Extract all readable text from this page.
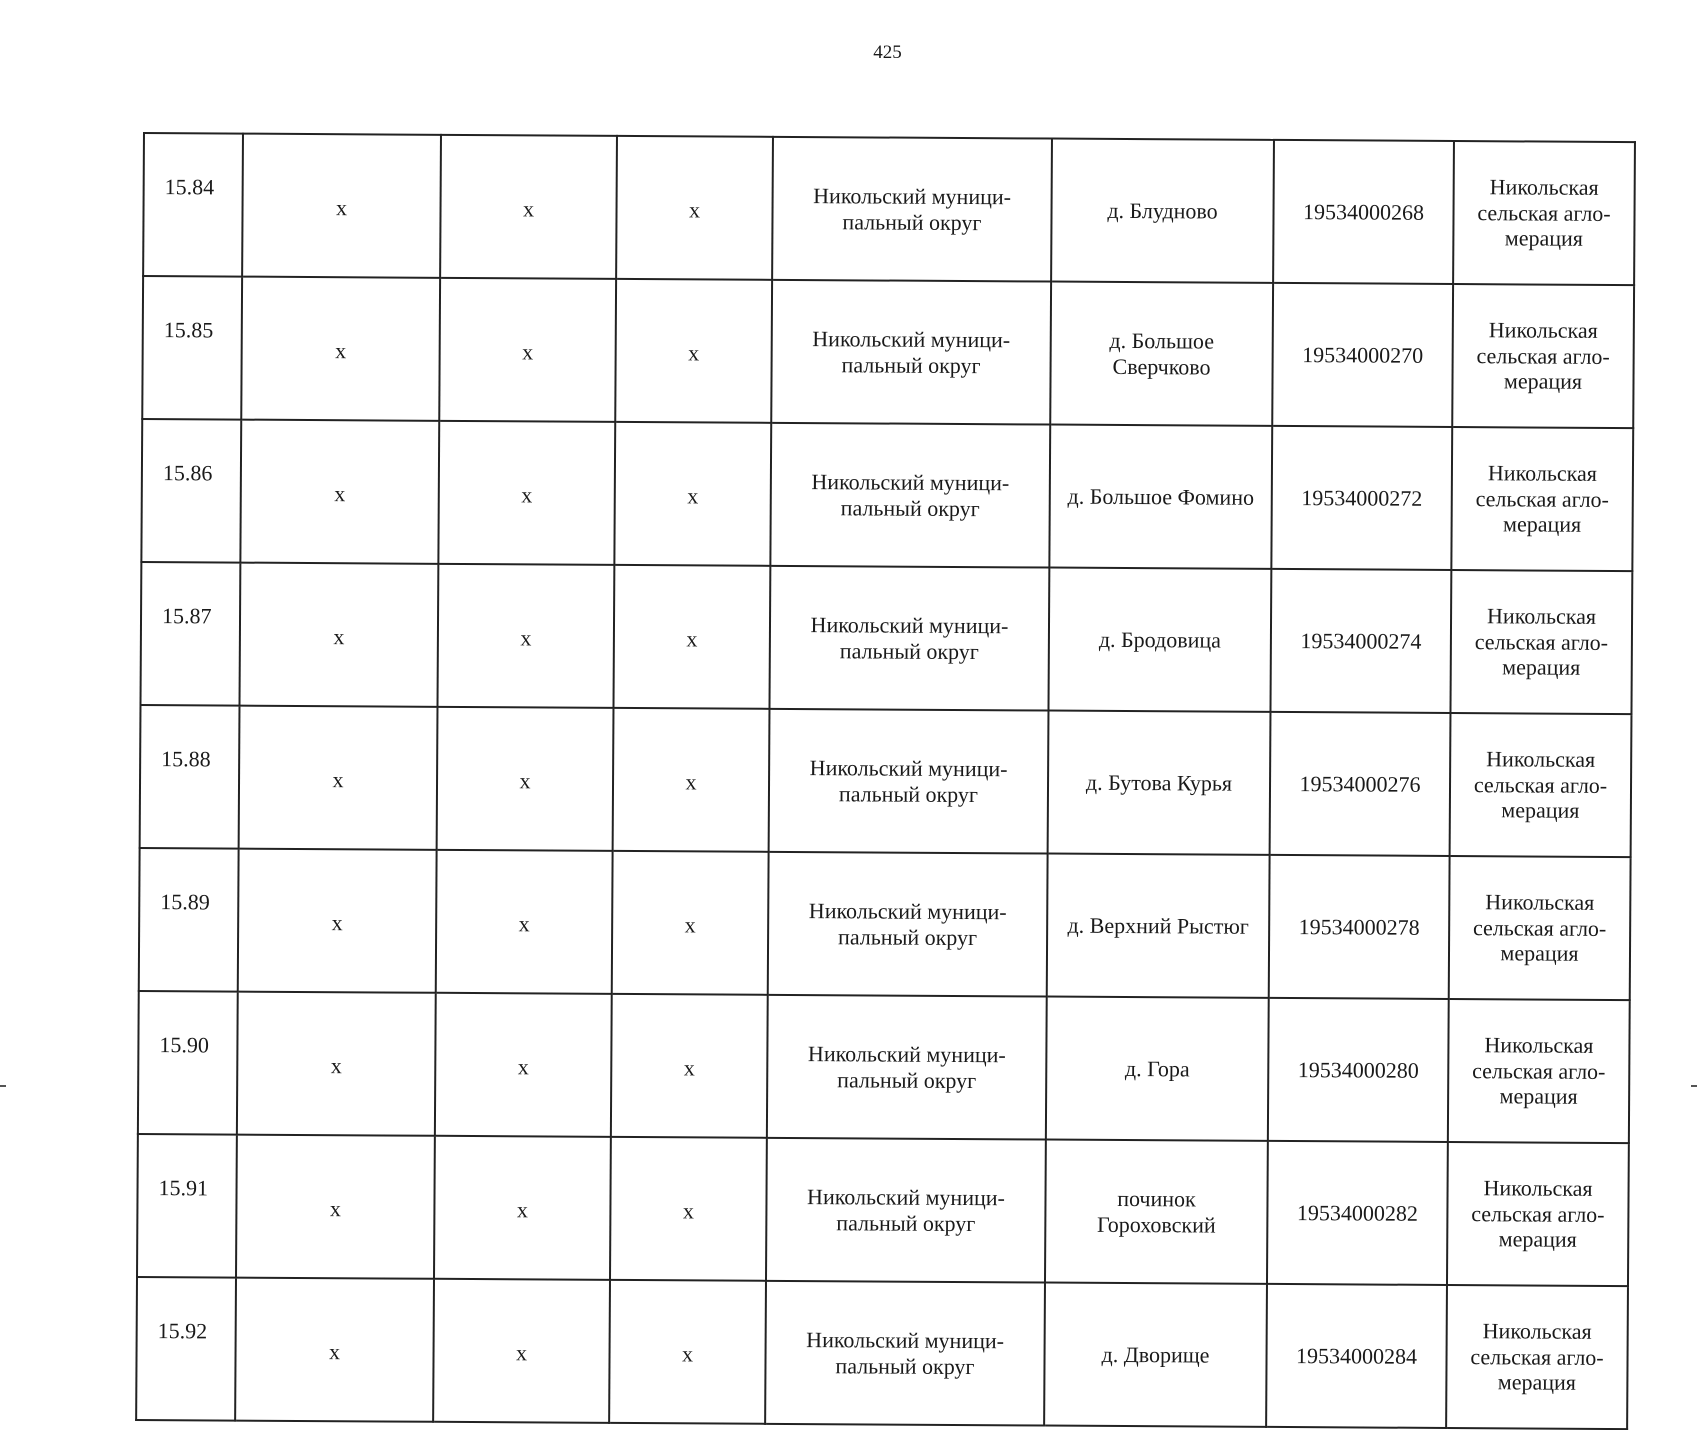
425
15.84	x	x	x	Никольский муници-
пальный округ	д. Блудново	19534000268	Никольская
сельская агло-
мерация

15.85	x	x	x	Никольский муници-
пальный округ	д. Большое
Сверчково	19534000270	Никольская
сельская агло-
мерация

15.86	x	x	x	Никольский муници-
пальный округ	д. Большое Фомино	19534000272	Никольская
сельская агло-
мерация

15.87	x	x	x	Никольский муници-
пальный округ	д. Бродовица	19534000274	Никольская
сельская агло-
мерация

15.88	x	x	x	Никольский муници-
пальный округ	д. Бутова Курья	19534000276	Никольская
сельская агло-
мерация

15.89	x	x	x	Никольский муници-
пальный округ	д. Верхний Рыстюг	19534000278	Никольская
сельская агло-
мерация

15.90	x	x	x	Никольский муници-
пальный округ	д. Гора	19534000280	Никольская
сельская агло-
мерация

15.91	x	x	x	Никольский муници-
пальный округ	починок
Гороховский	19534000282	Никольская
сельская агло-
мерация

15.92	x	x	x	Никольский муници-
пальный округ	д. Дворище	19534000284	Никольская
сельская агло-
мерация
